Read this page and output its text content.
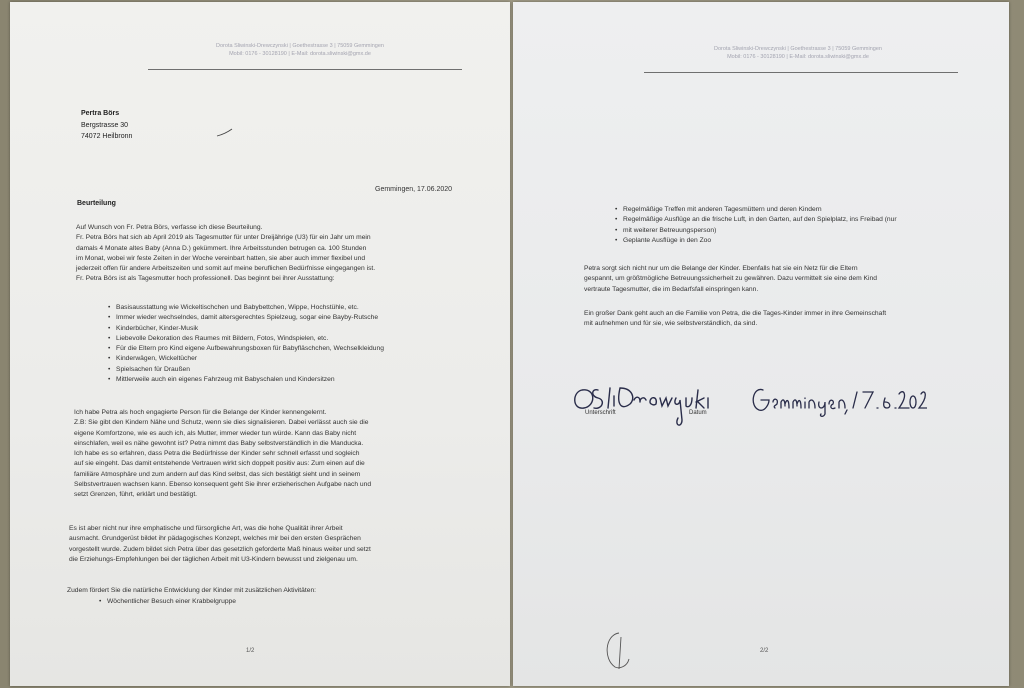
Dorota Sliwinski-Drewczynski | Goethestrasse 3 | 75059 Gemmingen
Mobil: 0176 - 30128190 | E-Mail: dorota.sliwinski@gmx.de
Pertra Börs
Bergstrasse 30
74072 Heilbronn
Gemmingen, 17.06.2020
Beurteilung
Auf Wunsch von Fr. Petra Börs, verfasse ich diese Beurteilung.
Fr. Petra Börs hat sich ab April 2019 als Tagesmutter für unter Dreijährige (U3) für ein Jahr um mein
damals 4 Monate altes Baby (Anna D.) gekümmert. Ihre Arbeitsstunden betrugen ca. 100 Stunden
im Monat, wobei wir feste Zeiten in der Woche vereinbart hatten, sie aber auch immer flexibel und
jederzeit offen für andere Arbeitszeiten und somit auf meine beruflichen Bedürfnisse eingegangen ist.
Fr. Petra Börs ist als Tagesmutter hoch professionell. Das beginnt bei ihrer Ausstattung:
• Basisausstattung wie Wickeltischchen und Babybettchen, Wippe, Hochstühle, etc.
• Immer wieder wechselndes, damit altersgerechtes Spielzeug, sogar eine Bayby-Rutsche
• Kinderbücher, Kinder-Musik
• Liebevolle Dekoration des Raumes mit Bildern, Fotos, Windspielen, etc.
• Für die Eltern pro Kind eigene Aufbewahrungsboxen für Babyfläschchen, Wechselkleidung
• Kinderwägen, Wickeltücher
• Spielsachen für Draußen
• Mittlerweile auch ein eigenes Fahrzeug mit Babyschalen und Kindersitzen
Ich habe Petra als hoch engagierte Person für die Belange der Kinder kennengelernt.
Z.B: Sie gibt den Kindern Nähe und Schutz, wenn sie dies signalisieren. Dabei verlässt auch sie die
eigene Komfortzone, wie es auch ich, als Mutter, immer wieder tun würde. Kann das Baby nicht
einschlafen, weil es nähe gewohnt ist? Petra nimmt das Baby selbstverständlich in die Manducka.
Ich habe es so erfahren, dass Petra die Bedürfnisse der Kinder sehr schnell erfasst und sogleich
auf sie eingeht. Das damit entstehende Vertrauen wirkt sich doppelt positiv aus: Zum einen auf die
familiäre Atmosphäre und zum andern auf das Kind selbst, das sich bestätigt sieht und in seinem
Selbstvertrauen wachsen kann. Ebenso konsequent geht Sie ihrer erzieherischen Aufgabe nach und
setzt Grenzen, führt, erklärt und bestätigt.
Es ist aber nicht nur ihre emphatische und fürsorgliche Art, was die hohe Qualität ihrer Arbeit
ausmacht. Grundgerüst bildet ihr pädagogisches Konzept, welches mir bei den ersten Gesprächen
vorgestellt wurde. Zudem bildet sich Petra über das gesetzlich geforderte Maß hinaus weiter und setzt
die Erziehungs-Empfehlungen bei der täglichen Arbeit mit U3-Kindern bewusst und zielgenau um.
Zudem fördert Sie die natürliche Entwicklung der Kinder mit zusätzlichen Aktivitäten:
• Wöchentlicher Besuch einer Krabbelgruppe
1/2
Dorota Sliwinski-Drewczynski | Goethestrasse 3 | 75059 Gemmingen
Mobil: 0176 - 30128190 | E-Mail: dorota.sliwinski@gmx.de
• Regelmäßige Treffen mit anderen Tagesmüttern und deren Kindern
• Regelmäßige Ausflüge an die frische Luft, in den Garten, auf den Spielplatz, ins Freibad (nur
• mit weiterer Betreuungsperson)
• Geplante Ausflüge in den Zoo
Petra sorgt sich nicht nur um die Belange der Kinder. Ebenfalls hat sie ein Netz für die Eltern
gespannt, um größtmögliche Betreuungssicherheit zu gewähren. Dazu vermittelt sie eine dem Kind
vertraute Tagesmutter, die im Bedarfsfall einspringen kann.
Ein großer Dank geht auch an die Familie von Petra, die die Tages-Kinder immer in ihre Gemeinschaft
mit aufnehmen und für sie, wie selbstverständlich, da sind.
Unterschrift	Datum
2/2
